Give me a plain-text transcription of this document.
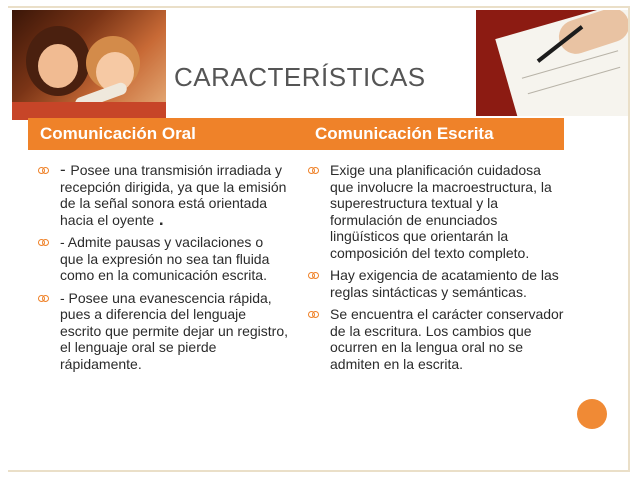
CARACTERÍSTICAS
Comunicación Oral	Comunicación Escrita
- Posee una transmisión irradiada y recepción dirigida, ya que la emisión de la señal sonora está orientada hacia el oyente .
- Admite pausas y vacilaciones o que la expresión no sea tan fluida como en la comunicación escrita.
- Posee una evanescencia rápida, pues a diferencia del lenguaje escrito que permite dejar un registro, el lenguaje oral se pierde rápidamente.
Exige una planificación cuidadosa que involucre la macroestructura, la superestructura textual y la formulación de enunciados lingüísticos que orientarán la composición del texto completo.
Hay exigencia de acatamiento de las reglas sintácticas y semánticas.
Se encuentra el carácter conservador de la escritura. Los cambios que ocurren en la lengua oral no se admiten en la escrita.
